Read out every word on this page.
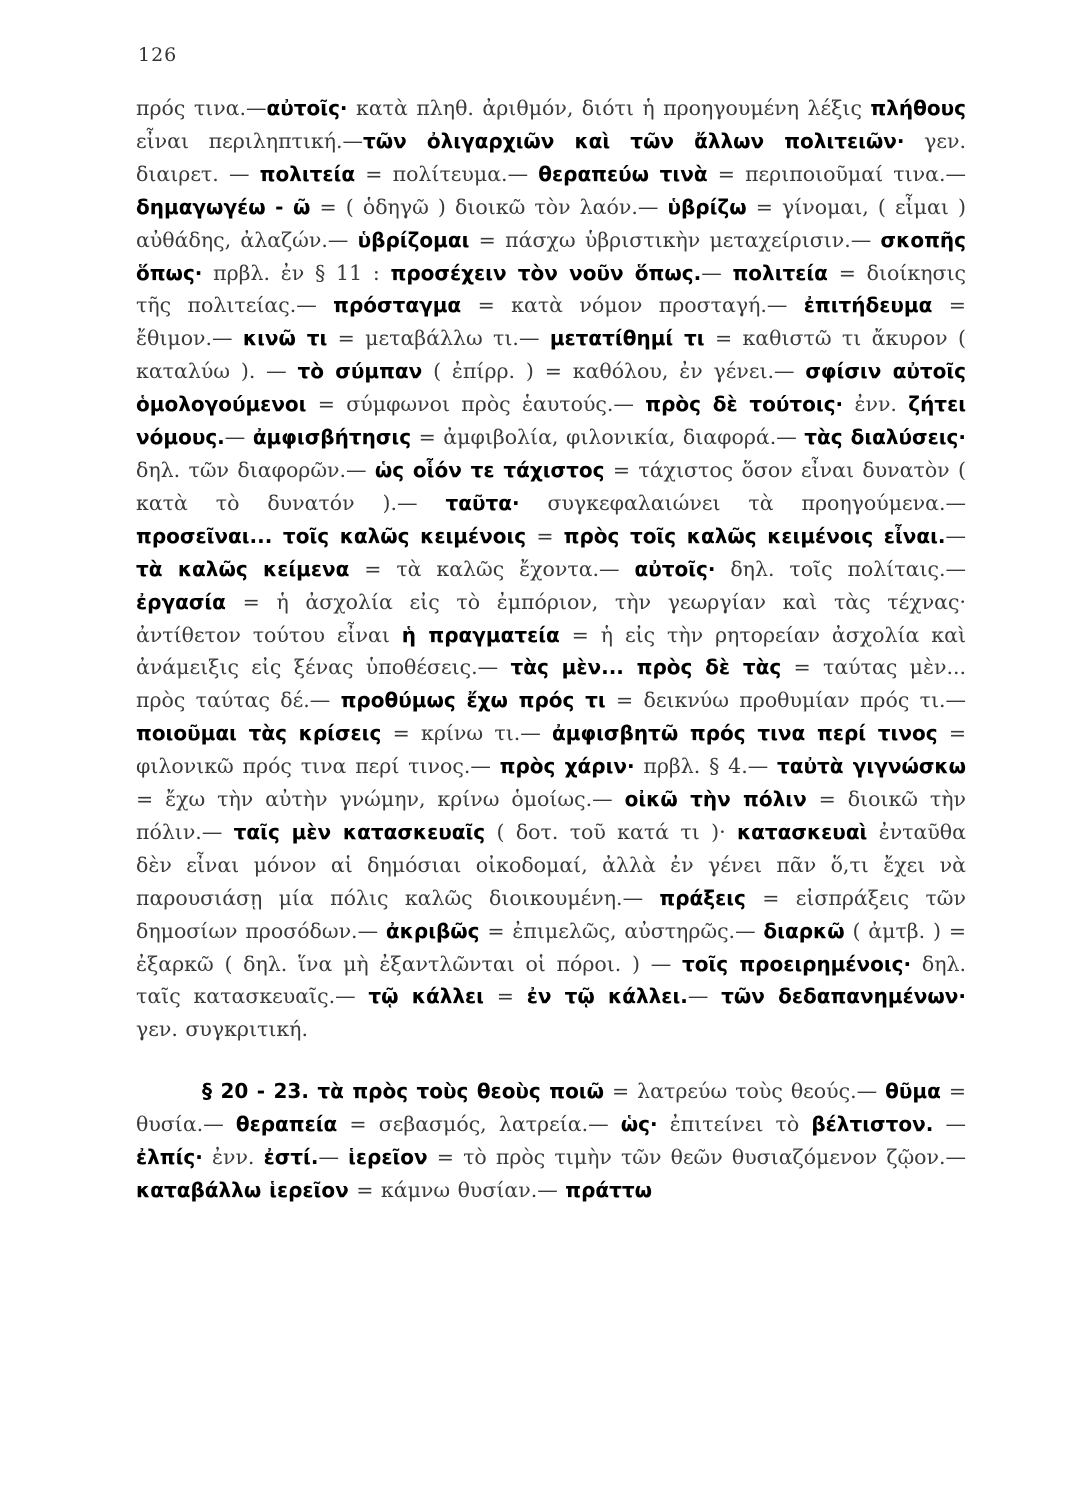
126

πρός τινα.—αὐτοῖς· κατὰ πληθ. ἀριθμόν, διότι ἡ προηγουμένη λέξις πλήθους εἶναι περιληπτική.—τῶν ὀλιγαρχιῶν καὶ τῶν ἄλλων πολιτειῶν· γεν. διαιρετ. — πολιτεία = πολίτευμα.— θεραπεύω τινὰ = περιποιοῦμαί τινα.— δημαγωγέω - ῶ = ( ὁδηγῶ ) διοικῶ τὸν λαόν.— ὑβρίζω = γίνομαι, ( εἶμαι ) αὐθάδης, ἀλαζών.— ὑβρίζομαι = πάσχω ὑβριστικὴν μεταχείρισιν.— σκοπῆς ὅπως· πρβλ. ἐν § 11 : προσέχειν τὸν νοῦν ὅπως.— πολιτεία = διοίκησις τῆς πολιτείας.— πρόσταγμα = κατὰ νόμον προσταγή.— ἐπιτήδευμα = ἔθιμον.— κινῶ τι = μεταβάλλω τι.— μετατίθημί τι = καθιστῶ τι ἄκυρον ( καταλύω ). — τὸ σύμπαν ( ἐπίρρ. ) = καθόλου, ἐν γένει.— σφίσιν αὐτοῖς ὁμολογούμενοι = σύμφωνοι πρὸς ἑαυτούς.— πρὸς δὲ τούτοις· ἐνν. ζήτει νόμους.— ἀμφισβήτησις = ἀμφιβολία, φιλονικία, διαφορά.— τὰς διαλύσεις· δηλ. τῶν διαφορῶν.— ὡς οἷόν τε τάχιστος = τάχιστος ὅσον εἶναι δυνατὸν ( κατὰ τὸ δυνατόν ).— ταῦτα· συγκεφαλαιώνει τὰ προηγούμενα.— προσεῖναι... τοῖς καλῶς κειμένοις = πρὸς τοῖς καλῶς κειμένοις εἶναι.— τὰ καλῶς κείμενα = τὰ καλῶς ἔχοντα.— αὐτοῖς· δηλ. τοῖς πολίταις.— ἐργασία = ἡ ἀσχολία εἰς τὸ ἐμπόριον, τὴν γεωργίαν καὶ τὰς τέχνας· ἀντίθετον τούτου εἶναι ἡ πραγματεία = ἡ εἰς τὴν ρητορείαν ἀσχολία καὶ ἀνάμειξις εἰς ξένας ὑποθέσεις.— τὰς μὲν... πρὸς δὲ τὰς = ταύτας μὲν... πρὸς ταύτας δέ.— προθύμως ἔχω πρός τι = δεικνύω προθυμίαν πρός τι.— ποιοῦμαι τὰς κρίσεις = κρίνω τι.— ἀμφισβητῶ πρός τινα περί τινος = φιλονικῶ πρός τινα περί τινος.— πρὸς χάριν· πρβλ. § 4.— ταὐτὰ γιγνώσκω = ἔχω τὴν αὐτὴν γνώμην, κρίνω ὁμοίως.— οἰκῶ τὴν πόλιν = διοικῶ τὴν πόλιν.— ταῖς μὲν κατασκευαῖς ( δοτ. τοῦ κατά τι )· κατασκευαὶ ἐνταῦθα δὲν εἶναι μόνον αἱ δημόσιαι οἰκοδομαί, ἀλλὰ ἐν γένει πᾶν ὅ,τι ἔχει νὰ παρουσιάσῃ μία πόλις καλῶς διοικουμένη.— πράξεις = εἰσπράξεις τῶν δημοσίων προσόδων.— ἀκριβῶς = ἐπιμελῶς, αὐστηρῶς.— διαρκῶ ( ἀμτβ. ) = ἐξαρκῶ ( δηλ. ἵνα μὴ ἐξαντλῶνται οἱ πόροι. ) — τοῖς προειρημένοις· δηλ. ταῖς κατασκευαῖς.— τῷ κάλλει = ἐν τῷ κάλλει.— τῶν δεδαπανημένων· γεν. συγκριτική.

§ 20 - 23. τὰ πρὸς τοὺς θεοὺς ποιῶ = λατρεύω τοὺς θεούς.— θῦμα = θυσία.— θεραπεία = σεβασμός, λατρεία.— ὡς· ἐπιτείνει τὸ βέλτιστον. — ἐλπίς· ἐνν. ἐστί.— ἱερεῖον = τὸ πρὸς τιμὴν τῶν θεῶν θυσιαζόμενον ζῷον.— καταβάλλω ἱερεῖον = κάμνω θυσίαν.— πράττω
